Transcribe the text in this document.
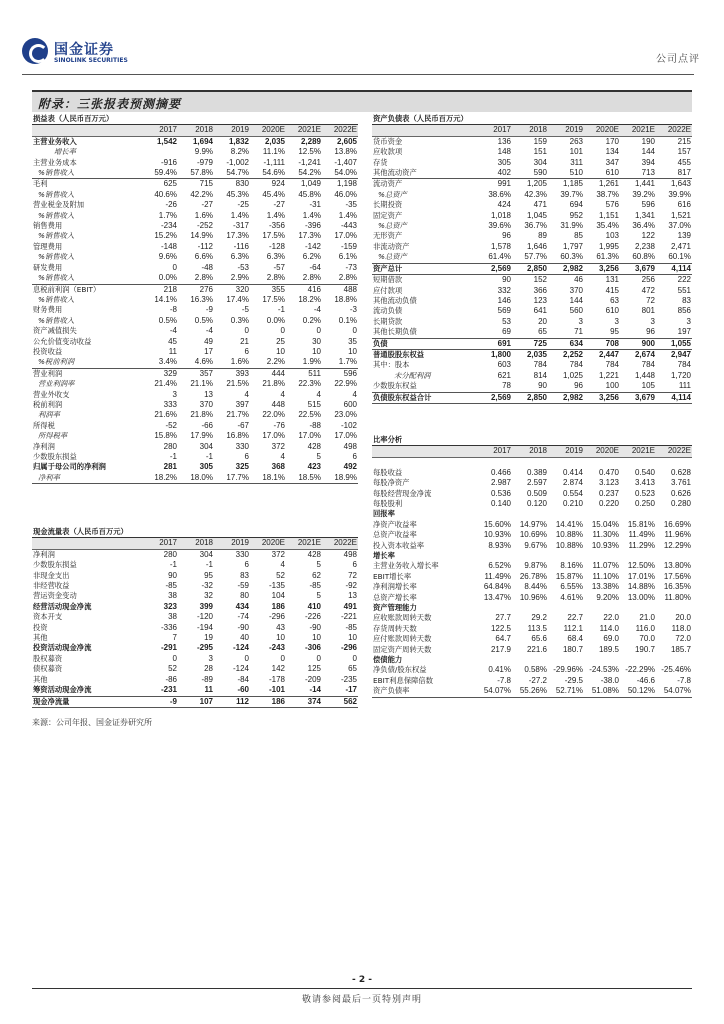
国金证券
SINOLINK SECURITIES	公司点评
附录：三张报表预测摘要
损益表（人民币百万元）						
	2017	2018	2019	2020E	2021E	2022E
主营业务收入	1,542	1,694	1,832	2,035	2,289	2,605
增长率		9.9%	8.2%	11.1%	12.5%	13.8%
主营业务成本	-916	-979	-1,002	-1,111	-1,241	-1,407
%销售收入	59.4%	57.8%	54.7%	54.6%	54.2%	54.0%
毛利	625	715	830	924	1,049	1,198
%销售收入	40.6%	42.2%	45.3%	45.4%	45.8%	46.0%
营业税金及附加	-26	-27	-25	-27	-31	-35
%销售收入	1.7%	1.6%	1.4%	1.4%	1.4%	1.4%
销售费用	-234	-252	-317	-356	-396	-443
%销售收入	15.2%	14.9%	17.3%	17.5%	17.3%	17.0%
管理费用	-148	-112	-116	-128	-142	-159
%销售收入	9.6%	6.6%	6.3%	6.3%	6.2%	6.1%
研发费用	0	-48	-53	-57	-64	-73
%销售收入	0.0%	2.8%	2.9%	2.8%	2.8%	2.8%
息税前利润（EBIT）	218	276	320	355	416	488
%销售收入	14.1%	16.3%	17.4%	17.5%	18.2%	18.8%
财务费用	-8	-9	-5	-1	-4	-3
%销售收入	0.5%	0.5%	0.3%	0.0%	0.2%	0.1%
资产减值损失	-4	-4	0	0	0	0
公允价值变动收益	45	49	21	25	30	35
投资收益	11	17	6	10	10	10
%税前利润	3.4%	4.6%	1.6%	2.2%	1.9%	1.7%
营业利润	329	357	393	444	511	596
营业利润率	21.4%	21.1%	21.5%	21.8%	22.3%	22.9%
营业外收支	3	13	4	4	4	4
税前利润	333	370	397	448	515	600
利润率	21.6%	21.8%	21.7%	22.0%	22.5%	23.0%
所得税	-52	-66	-67	-76	-88	-102
所得税率	15.8%	17.9%	16.8%	17.0%	17.0%	17.0%
净利润	280	304	330	372	428	498
少数股东损益	-1	-1	6	4	5	6
归属于母公司的净利润	281	305	325	368	423	492
净利率	18.2%	18.0%	17.7%	18.1%	18.5%	18.9%
现金流量表（人民币百万元）						
	2017	2018	2019	2020E	2021E	2022E
净利润	280	304	330	372	428	498
少数股东损益	-1	-1	6	4	5	6
非现金支出	90	95	83	52	62	72
非经营收益	-85	-32	-59	-135	-85	-92
营运资金变动	38	32	80	104	5	13
经营活动现金净流	323	399	434	186	410	491
资本开支	38	-120	-74	-296	-226	-221
投资	-336	-194	-90	43	-90	-85
其他	7	19	40	10	10	10
投资活动现金净流	-291	-295	-124	-243	-306	-296
股权募资	0	3	0	0	0	0
债权募资	52	28	-124	142	125	65
其他	-86	-89	-84	-178	-209	-235
筹资活动现金净流	-231	11	-60	-101	-14	-17
现金净流量	-9	107	112	186	374	562
资产负债表（人民币百万元）						
	2017	2018	2019	2020E	2021E	2022E
货币资金	136	159	263	170	190	215
应收款项	148	151	101	134	144	157
存货	305	304	311	347	394	455
其他流动资产	402	590	510	610	713	817
流动资产	991	1,205	1,185	1,261	1,441	1,643
%总资产	38.6%	42.3%	39.7%	38.7%	39.2%	39.9%
长期投资	424	471	694	576	596	616
固定资产	1,018	1,045	952	1,151	1,341	1,521
%总资产	39.6%	36.7%	31.9%	35.4%	36.4%	37.0%
无形资产	96	89	85	103	122	139
非流动资产	1,578	1,646	1,797	1,995	2,238	2,471
%总资产	61.4%	57.7%	60.3%	61.3%	60.8%	60.1%
资产总计	2,569	2,850	2,982	3,256	3,679	4,114
短期借款	90	152	46	131	256	222
应付款项	332	366	370	415	472	551
其他流动负债	146	123	144	63	72	83
流动负债	569	641	560	610	801	856
长期贷款	53	20	3	3	3	3
其他长期负债	69	65	71	95	96	197
负债	691	725	634	708	900	1,055
普通股股东权益	1,800	2,035	2,252	2,447	2,674	2,947
其中：股本	603	784	784	784	784	784
未分配利润	621	814	1,025	1,221	1,448	1,720
少数股东权益	78	90	96	100	105	111
负债股东权益合计	2,569	2,850	2,982	3,256	3,679	4,114
比率分析						
	2017	2018	2019	2020E	2021E	2022E

每股收益	0.466	0.389	0.414	0.470	0.540	0.628
每股净资产	2.987	2.597	2.874	3.123	3.413	3.761
每股经营现金净流	0.536	0.509	0.554	0.237	0.523	0.626
每股股利	0.140	0.120	0.210	0.220	0.250	0.280
回报率						
净资产收益率	15.60%	14.97%	14.41%	15.04%	15.81%	16.69%
总资产收益率	10.93%	10.69%	10.88%	11.30%	11.49%	11.96%
投入资本收益率	8.93%	9.67%	10.88%	10.93%	11.29%	12.29%
增长率						
主营业务收入增长率	6.52%	9.87%	8.16%	11.07%	12.50%	13.80%
EBIT增长率	11.49%	26.78%	15.87%	11.10%	17.01%	17.56%
净利润增长率	64.84%	8.44%	6.55%	13.38%	14.88%	16.35%
总资产增长率	13.47%	10.96%	4.61%	9.20%	13.00%	11.80%
资产管理能力						
应收账款周转天数	27.7	29.2	22.7	22.0	21.0	20.0
存货周转天数	122.5	113.5	112.1	114.0	116.0	118.0
应付账款周转天数	64.7	65.6	68.4	69.0	70.0	72.0
固定资产周转天数	217.9	221.6	180.7	189.5	190.7	185.7
偿债能力						
净负债/股东权益	0.41%	0.58%	-29.96%	-24.53%	-22.29%	-25.46%
EBIT利息保障倍数	-7.8	-27.2	-29.5	-38.0	-46.6	-7.8
资产负债率	54.07%	55.26%	52.71%	51.08%	50.12%	54.07%
来源：公司年报、国金证券研究所
- 2 -
敬请参阅最后一页特别声明
